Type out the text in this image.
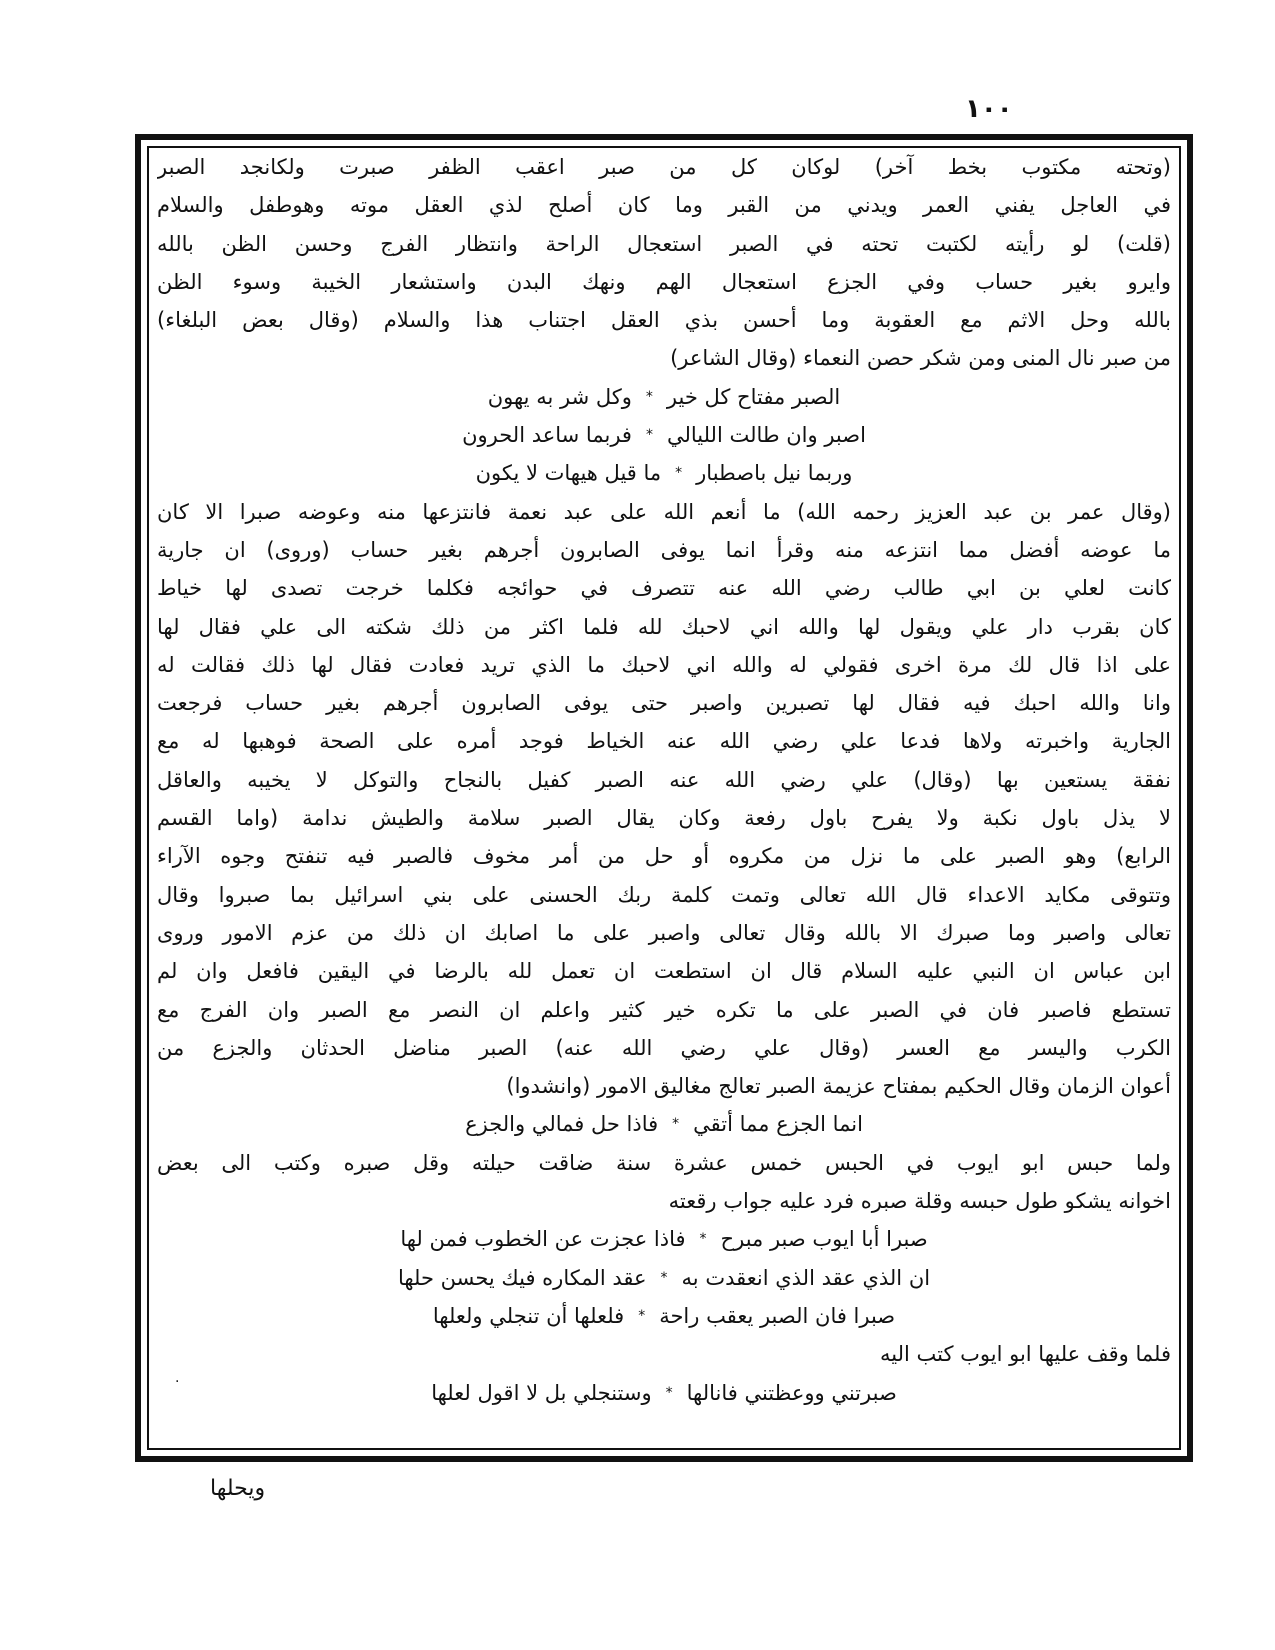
١٠٠
(وتحته مكتوب بخط آخر) لوكان كل من صبر اعقب الظفر صبرت ولكانجد الصبر
في العاجل يفني العمر ويدني من القبر وما كان أصلح لذي العقل موته وهوطفل والسلام
(قلت) لو رأيته لكتبت تحته في الصبر استعجال الراحة وانتظار الفرج وحسن الظن بالله
وايرو بغير حساب وفي الجزع استعجال الهم ونهك البدن واستشعار الخيبة وسوء الظن
بالله وحل الاثم مع العقوبة وما أحسن بذي العقل اجتناب هذا والسلام (وقال بعض البلغاء)
من صبر نال المنى ومن شكر حصن النعماء (وقال الشاعر)
الصبر مفتاح كل خير
*
وكل شر به يهون
اصبر وان طالت الليالي
*
فربما ساعد الحرون
وربما نيل باصطبار
*
ما قيل هيهات لا يكون
(وقال عمر بن عبد العزيز رحمه الله) ما أنعم الله على عبد نعمة فانتزعها منه وعوضه صبرا الا كان
ما عوضه أفضل مما انتزعه منه وقرأ انما يوفى الصابرون أجرهم بغير حساب (وروى) ان جارية
كانت لعلي بن ابي طالب رضي الله عنه تتصرف في حوائجه فكلما خرجت تصدى لها خياط
كان بقرب دار علي ويقول لها والله اني لاحبك لله فلما اكثر من ذلك شكته الى علي فقال لها
على اذا قال لك مرة اخرى فقولي له والله اني لاحبك ما الذي تريد فعادت فقال لها ذلك فقالت له
وانا والله احبك فيه فقال لها تصبرين واصبر حتى يوفى الصابرون أجرهم بغير حساب فرجعت
الجارية واخبرته ولاها فدعا علي رضي الله عنه الخياط فوجد أمره على الصحة فوهبها له مع
نفقة يستعين بها (وقال) علي رضي الله عنه الصبر كفيل بالنجاح والتوكل لا يخيبه والعاقل
لا يذل باول نكبة ولا يفرح باول رفعة وكان يقال الصبر سلامة والطيش ندامة (واما القسم
الرابع) وهو الصبر على ما نزل من مكروه أو حل من أمر مخوف فالصبر فيه تنفتح وجوه الآراء
وتتوقى مكايد الاعداء قال الله تعالى وتمت كلمة ربك الحسنى على بني اسرائيل بما صبروا وقال
تعالى واصبر وما صبرك الا بالله وقال تعالى واصبر على ما اصابك ان ذلك من عزم الامور وروى
ابن عباس ان النبي عليه السلام قال ان استطعت ان تعمل لله بالرضا في اليقين فافعل وان لم
تستطع فاصبر فان في الصبر على ما تكره خير كثير واعلم ان النصر مع الصبر وان الفرج مع
الكرب واليسر مع العسر (وقال علي رضي الله عنه) الصبر مناضل الحدثان والجزع من
أعوان الزمان وقال الحكيم بمفتاح عزيمة الصبر تعالج مغاليق الامور (وانشدوا)
انما الجزع مما أتقي
*
فاذا حل فمالي والجزع
ولما حبس ابو ايوب في الحبس خمس عشرة سنة ضاقت حيلته وقل صبره وكتب الى بعض
اخوانه يشكو طول حبسه وقلة صبره فرد عليه جواب رقعته
صبرا أبا ايوب صبر مبرح
*
فاذا عجزت عن الخطوب فمن لها
ان الذي عقد الذي انعقدت به
*
عقد المكاره فيك يحسن حلها
صبرا فان الصبر يعقب راحة
*
فلعلها أن تنجلي ولعلها
فلما وقف عليها ابو ايوب كتب اليه
صبرتني ووعظتني فانالها
*
وستنجلي بل لا اقول لعلها
·
ويحلها
